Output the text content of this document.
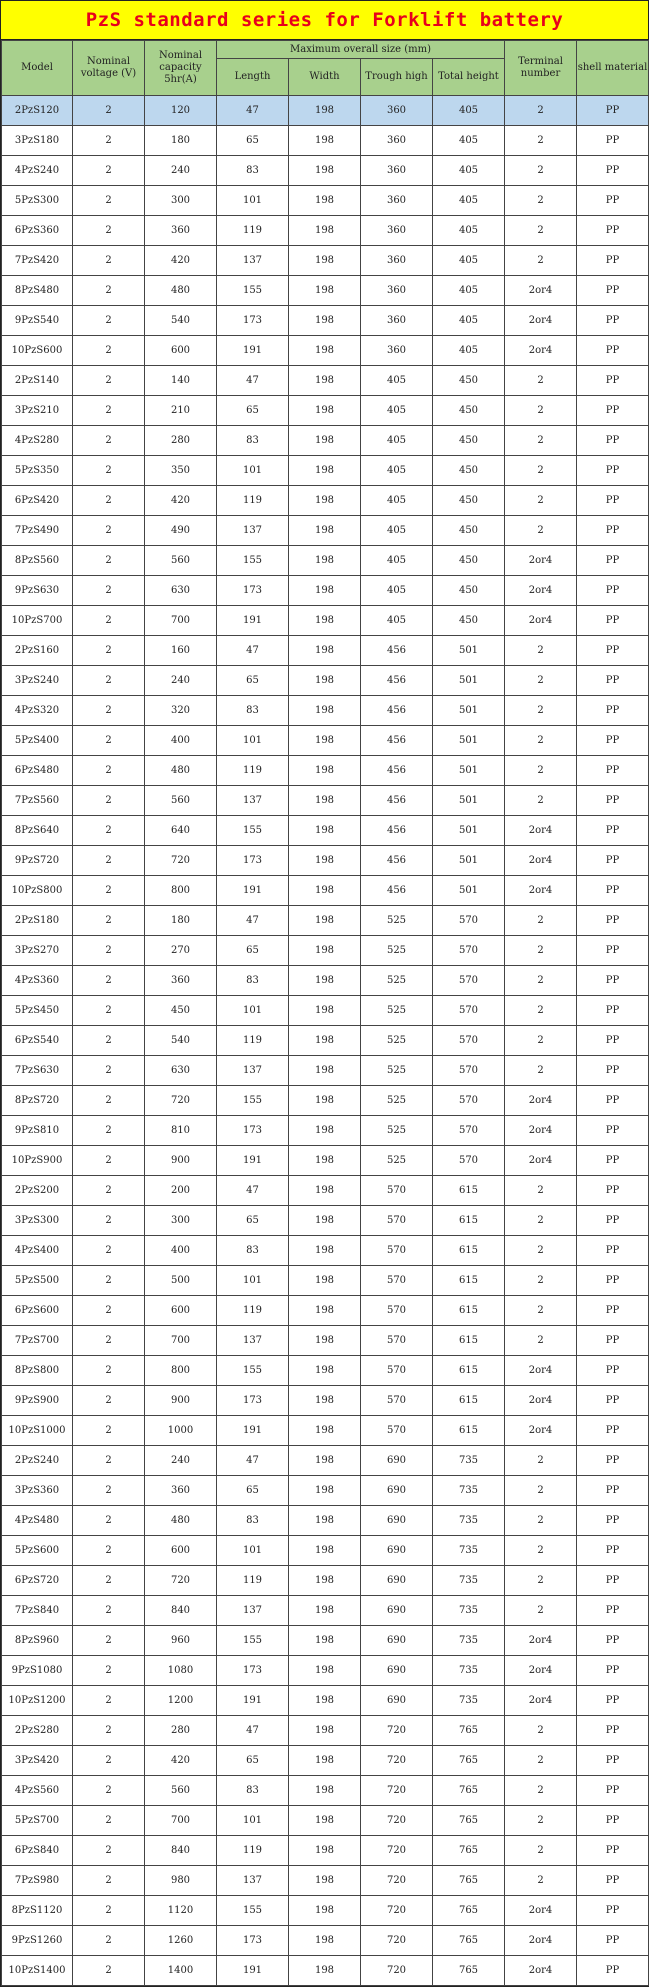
PzS standard series for Forklift battery
Model	Nominal voltage (V)	Nominal capacity 5hr(A)	Maximum overall size (mm)				Terminal number	shell material
			Length	Width	Trough high	Total height		
2PzS120	2	120	47	198	360	405	2	PP
3PzS180	2	180	65	198	360	405	2	PP
4PzS240	2	240	83	198	360	405	2	PP
5PzS300	2	300	101	198	360	405	2	PP
6PzS360	2	360	119	198	360	405	2	PP
7PzS420	2	420	137	198	360	405	2	PP
8PzS480	2	480	155	198	360	405	2or4	PP
9PzS540	2	540	173	198	360	405	2or4	PP
10PzS600	2	600	191	198	360	405	2or4	PP
2PzS140	2	140	47	198	405	450	2	PP
3PzS210	2	210	65	198	405	450	2	PP
4PzS280	2	280	83	198	405	450	2	PP
5PzS350	2	350	101	198	405	450	2	PP
6PzS420	2	420	119	198	405	450	2	PP
7PzS490	2	490	137	198	405	450	2	PP
8PzS560	2	560	155	198	405	450	2or4	PP
9PzS630	2	630	173	198	405	450	2or4	PP
10PzS700	2	700	191	198	405	450	2or4	PP
2PzS160	2	160	47	198	456	501	2	PP
3PzS240	2	240	65	198	456	501	2	PP
4PzS320	2	320	83	198	456	501	2	PP
5PzS400	2	400	101	198	456	501	2	PP
6PzS480	2	480	119	198	456	501	2	PP
7PzS560	2	560	137	198	456	501	2	PP
8PzS640	2	640	155	198	456	501	2or4	PP
9PzS720	2	720	173	198	456	501	2or4	PP
10PzS800	2	800	191	198	456	501	2or4	PP
2PzS180	2	180	47	198	525	570	2	PP
3PzS270	2	270	65	198	525	570	2	PP
4PzS360	2	360	83	198	525	570	2	PP
5PzS450	2	450	101	198	525	570	2	PP
6PzS540	2	540	119	198	525	570	2	PP
7PzS630	2	630	137	198	525	570	2	PP
8PzS720	2	720	155	198	525	570	2or4	PP
9PzS810	2	810	173	198	525	570	2or4	PP
10PzS900	2	900	191	198	525	570	2or4	PP
2PzS200	2	200	47	198	570	615	2	PP
3PzS300	2	300	65	198	570	615	2	PP
4PzS400	2	400	83	198	570	615	2	PP
5PzS500	2	500	101	198	570	615	2	PP
6PzS600	2	600	119	198	570	615	2	PP
7PzS700	2	700	137	198	570	615	2	PP
8PzS800	2	800	155	198	570	615	2or4	PP
9PzS900	2	900	173	198	570	615	2or4	PP
10PzS1000	2	1000	191	198	570	615	2or4	PP
2PzS240	2	240	47	198	690	735	2	PP
3PzS360	2	360	65	198	690	735	2	PP
4PzS480	2	480	83	198	690	735	2	PP
5PzS600	2	600	101	198	690	735	2	PP
6PzS720	2	720	119	198	690	735	2	PP
7PzS840	2	840	137	198	690	735	2	PP
8PzS960	2	960	155	198	690	735	2or4	PP
9PzS1080	2	1080	173	198	690	735	2or4	PP
10PzS1200	2	1200	191	198	690	735	2or4	PP
2PzS280	2	280	47	198	720	765	2	PP
3PzS420	2	420	65	198	720	765	2	PP
4PzS560	2	560	83	198	720	765	2	PP
5PzS700	2	700	101	198	720	765	2	PP
6PzS840	2	840	119	198	720	765	2	PP
7PzS980	2	980	137	198	720	765	2	PP
8PzS1120	2	1120	155	198	720	765	2or4	PP
9PzS1260	2	1260	173	198	720	765	2or4	PP
10PzS1400	2	1400	191	198	720	765	2or4	PP
